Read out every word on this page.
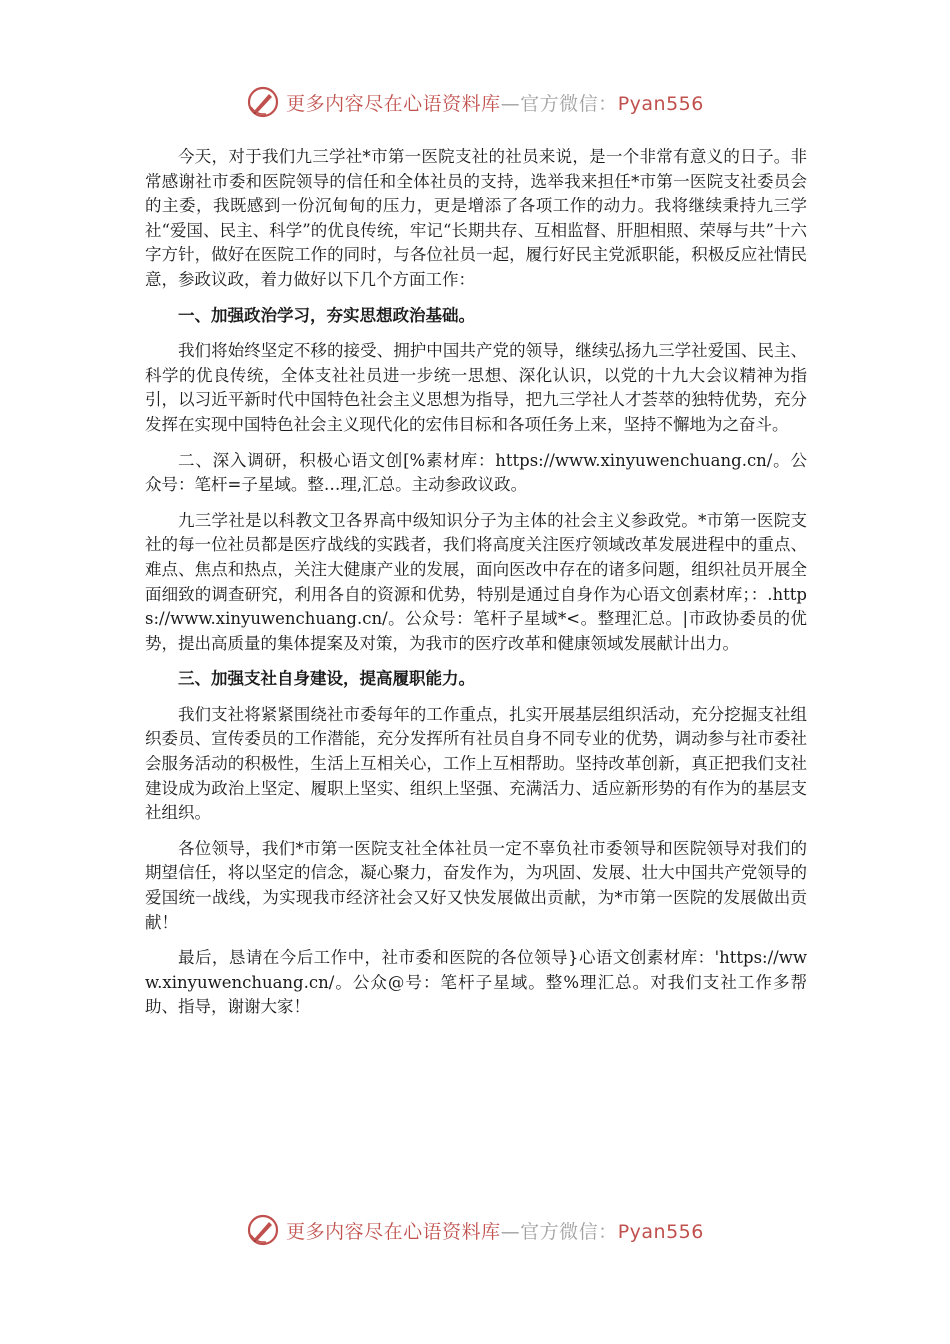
更多内容尽在心语资料库—官方微信：Pyan556

今天，对于我们九三学社*市第一医院支社的社员来说，是一个非常有意义的日子。非常感谢社市委和医院领导的信任和全体社员的支持，选举我来担任*市第一医院支社委员会的主委，我既感到一份沉甸甸的压力，更是增添了各项工作的动力。我将继续秉持九三学社“爱国、民主、科学”的优良传统，牢记“长期共存、互相监督、肝胆相照、荣辱与共”十六字方针，做好在医院工作的同时，与各位社员一起，履行好民主党派职能，积极反应社情民意，参政议政，着力做好以下几个方面工作：

一、加强政治学习，夯实思想政治基础。

我们将始终坚定不移的接受、拥护中国共产党的领导，继续弘扬九三学社爱国、民主、科学的优良传统，全体支社社员进一步统一思想、深化认识，以党的十九大会议精神为指引，以习近平新时代中国特色社会主义思想为指导，把九三学社人才荟萃的独特优势，充分发挥在实现中国特色社会主义现代化的宏伟目标和各项任务上来，坚持不懈地为之奋斗。

二、深入调研，积极心语文创[%素材库：https://www.xinyuwenchuang.cn/。公众号：笔杆=子星域。整…理,汇总。主动参政议政。

九三学社是以科教文卫各界高中级知识分子为主体的社会主义参政党。*市第一医院支社的每一位社员都是医疗战线的实践者，我们将高度关注医疗领域改革发展进程中的重点、难点、焦点和热点，关注大健康产业的发展，面向医改中存在的诸多问题，组织社员开展全面细致的调查研究，利用各自的资源和优势，特别是通过自身作为心语文创素材库；：.https://www.xinyuwenchuang.cn/。公众号：笔杆子星域*<。整理汇总。|市政协委员的优势，提出高质量的集体提案及对策，为我市的医疗改革和健康领域发展献计出力。

三、加强支社自身建设，提高履职能力。

我们支社将紧紧围绕社市委每年的工作重点，扎实开展基层组织活动，充分挖掘支社组织委员、宣传委员的工作潜能，充分发挥所有社员自身不同专业的优势，调动参与社市委社会服务活动的积极性，生活上互相关心，工作上互相帮助。坚持改革创新，真正把我们支社建设成为政治上坚定、履职上坚实、组织上坚强、充满活力、适应新形势的有作为的基层支社组织。

各位领导，我们*市第一医院支社全体社员一定不辜负社市委领导和医院领导对我们的期望信任，将以坚定的信念，凝心聚力，奋发作为，为巩固、发展、壮大中国共产党领导的爱国统一战线，为实现我市经济社会又好又快发展做出贡献，为*市第一医院的发展做出贡献！

最后，恳请在今后工作中，社市委和医院的各位领导}心语文创素材库：'https://www.xinyuwenchuang.cn/。公众@号：笔杆子星域。整%理汇总。对我们支社工作多帮助、指导，谢谢大家！

更多内容尽在心语资料库—官方微信：Pyan556
